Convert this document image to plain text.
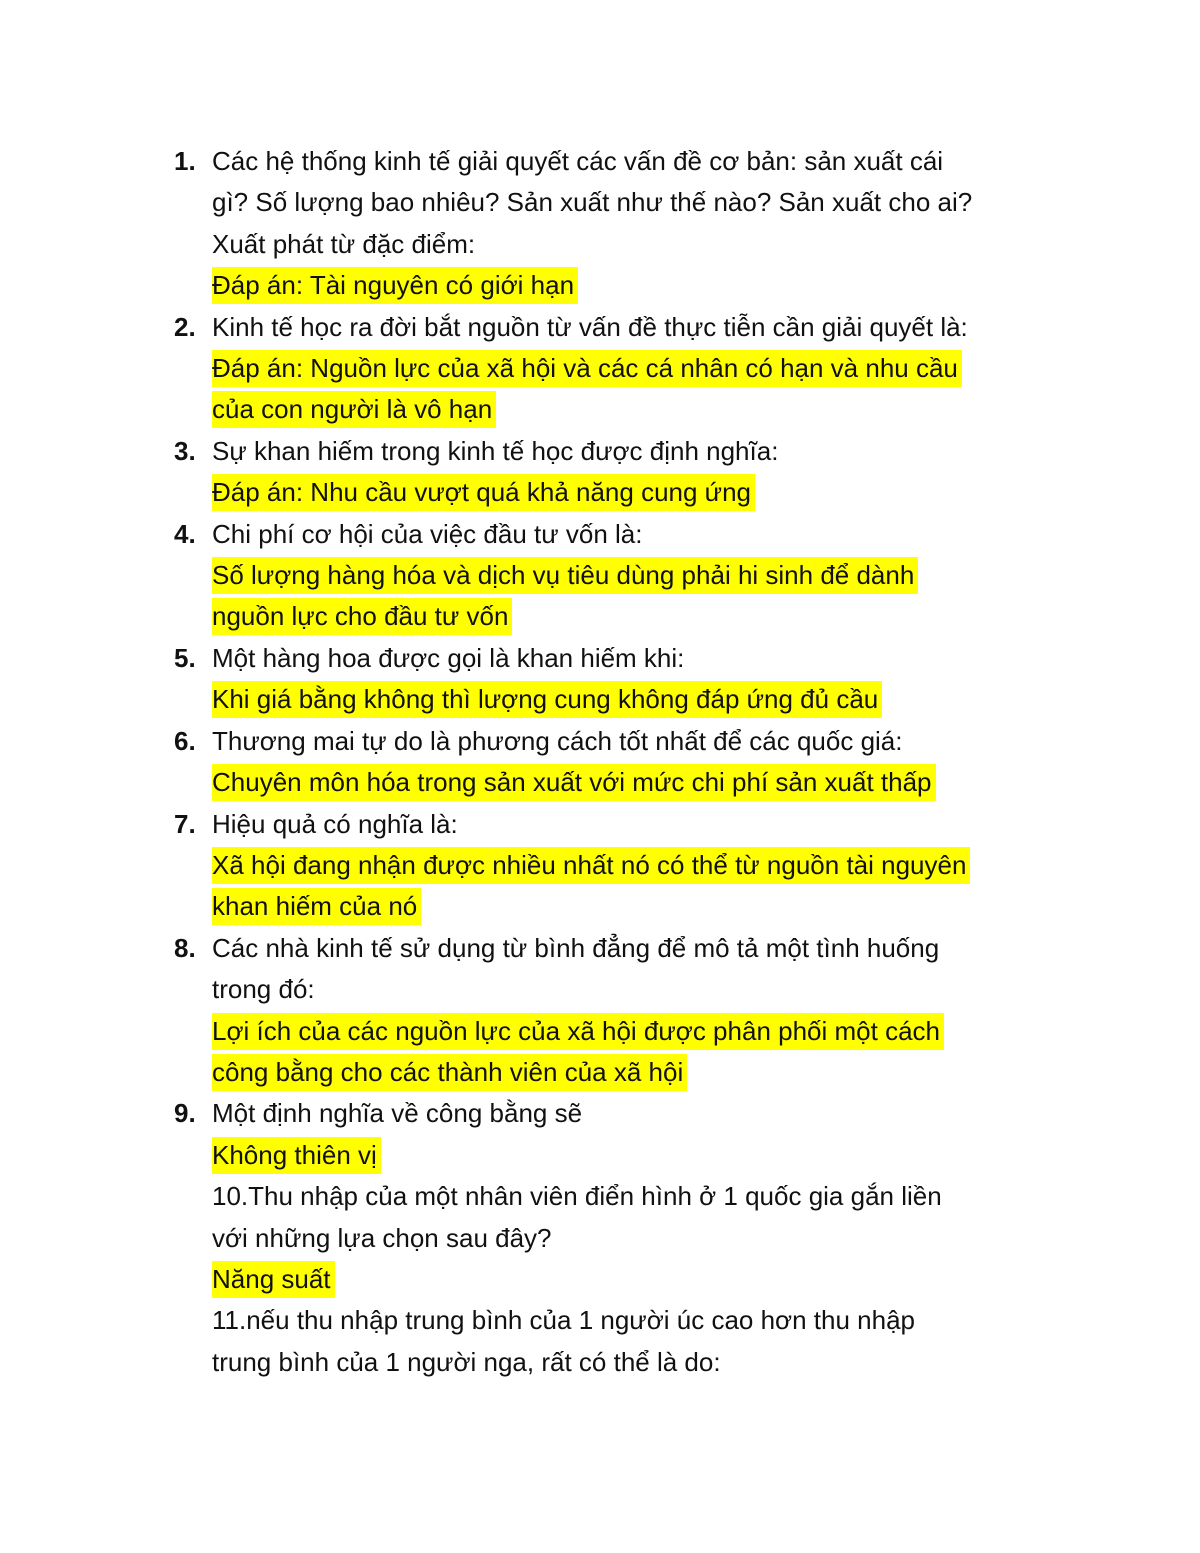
1. Các hệ thống kinh tế giải quyết các vấn đề cơ bản: sản xuất cái
gì? Số lượng bao nhiêu? Sản xuất như thế nào? Sản xuất cho ai?
Xuất phát từ đặc điểm:
Đáp án: Tài nguyên có giới hạn
2. Kinh tế học ra đời bắt nguồn từ vấn đề thực tiễn cần giải quyết là:
Đáp án: Nguồn lực của xã hội và các cá nhân có hạn và nhu cầu
của con người là vô hạn
3. Sự khan hiếm trong kinh tế học được định nghĩa:
Đáp án: Nhu cầu vượt quá khả năng cung ứng
4. Chi phí cơ hội của việc đầu tư vốn là:
Số lượng hàng hóa và dịch vụ tiêu dùng phải hi sinh để dành
nguồn lực cho đầu tư vốn
5. Một hàng hoa được gọi là khan hiếm khi:
Khi giá bằng không thì lượng cung không đáp ứng đủ cầu
6. Thương mai tự do là phương cách tốt nhất để các quốc giá:
Chuyên môn hóa trong sản xuất với mức chi phí sản xuất thấp
7. Hiệu quả có nghĩa là:
Xã hội đang nhận được nhiều nhất nó có thể từ nguồn tài nguyên
khan hiếm của nó
8. Các nhà kinh tế sử dụng từ bình đẳng để mô tả một tình huống
trong đó:
Lợi ích của các nguồn lực của xã hội được phân phối một cách
công bằng cho các thành viên của xã hội
9. Một định nghĩa về công bằng sẽ
Không thiên vị
10.Thu nhập của một nhân viên điển hình ở 1 quốc gia gắn liền
với những lựa chọn sau đây?
Năng suất
11.nếu thu nhập trung bình của 1 người úc cao hơn thu nhập
trung bình của 1 người nga, rất có thể là do:
